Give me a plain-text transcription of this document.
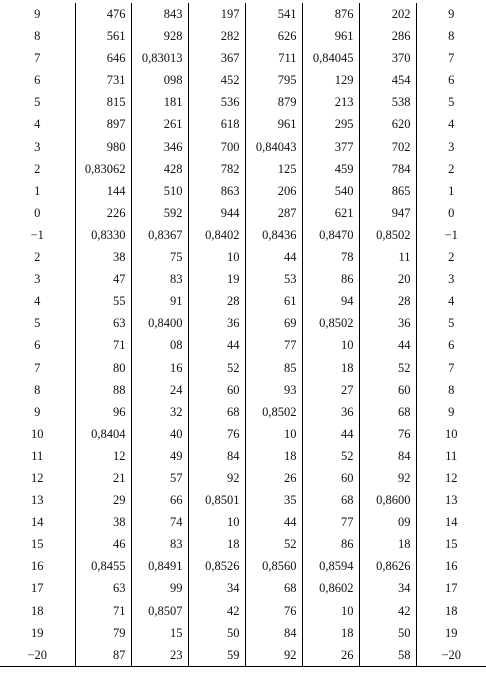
9	476	843	197	541	876	202	9
8	561	928	282	626	961	286	8
7	646	0,83013	367	711	0,84045	370	7
6	731	098	452	795	129	454	6
5	815	181	536	879	213	538	5
4	897	261	618	961	295	620	4
3	980	346	700	0,84043	377	702	3
2	0,83062	428	782	125	459	784	2
1	144	510	863	206	540	865	1
0	226	592	944	287	621	947	0
−1	0,8330	0,8367	0,8402	0,8436	0,8470	0,8502	−1
2	38	75	10	44	78	11	2
3	47	83	19	53	86	20	3
4	55	91	28	61	94	28	4
5	63	0,8400	36	69	0,8502	36	5
6	71	08	44	77	10	44	6
7	80	16	52	85	18	52	7
8	88	24	60	93	27	60	8
9	96	32	68	0,8502	36	68	9
10	0,8404	40	76	10	44	76	10
11	12	49	84	18	52	84	11
12	21	57	92	26	60	92	12
13	29	66	0,8501	35	68	0,8600	13
14	38	74	10	44	77	09	14
15	46	83	18	52	86	18	15
16	0,8455	0,8491	0,8526	0,8560	0,8594	0,8626	16
17	63	99	34	68	0,8602	34	17
18	71	0,8507	42	76	10	42	18
19	79	15	50	84	18	50	19
−20	87	23	59	92	26	58	−20
